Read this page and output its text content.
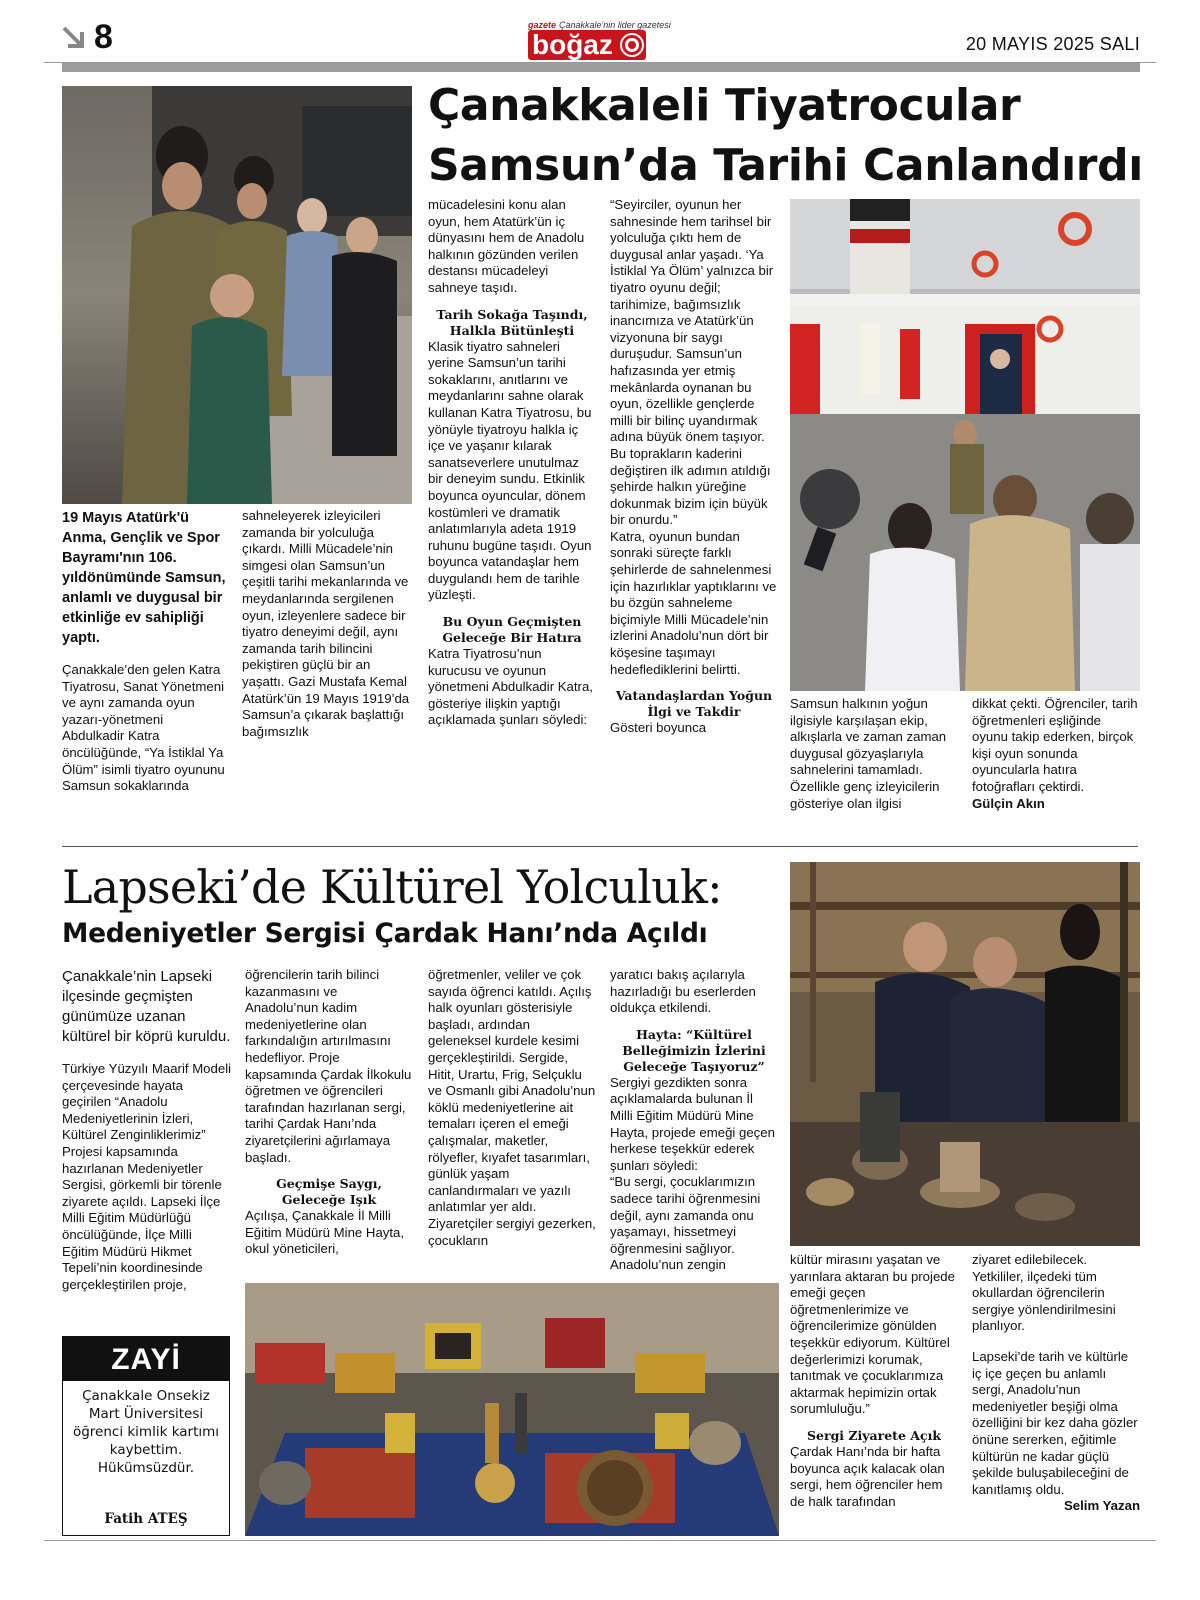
8	gazete Çanakkale'nin lider gazetesi
boğaz	20 MAYIS 2025 SALI
Çanakkaleli Tiyatrocular
Samsun’da Tarihi Canlandırdı

19 Mayıs Atatürk'ü Anma, Gençlik ve Spor Bayramı'nın 106. yıldönümünde Samsun, anlamlı ve duygusal bir etkinliğe ev sahipliği yaptı.

Çanakkale’den gelen Katra Tiyatrosu, Sanat Yönetmeni ve aynı zamanda oyun yazarı-yönetmeni Abdulkadir Katra öncülüğünde, “Ya İstiklal Ya Ölüm” isimli tiyatro oyununu Samsun sokaklarında

sahneleyerek izleyicileri zamanda bir yolculuğa çıkardı. Milli Mücadele’nin simgesi olan Samsun’un çeşitli tarihi mekanlarında ve meydanlarında sergilenen oyun, izleyenlere sadece bir tiyatro deneyimi değil, aynı zamanda tarih bilincini pekiştiren güçlü bir an yaşattı. Gazi Mustafa Kemal Atatürk’ün 19 Mayıs 1919’da Samsun’a çıkarak başlattığı bağımsızlık

mücadelesini konu alan oyun, hem Atatürk’ün iç dünyasını hem de Anadolu halkının gözünden verilen destansı mücadeleyi sahneye taşıdı.

Tarih Sokağa Taşındı, Halkla Bütünleşti

Klasik tiyatro sahneleri yerine Samsun’un tarihi sokaklarını, anıtlarını ve meydanlarını sahne olarak kullanan Katra Tiyatrosu, bu yönüyle tiyatroyu halkla iç içe ve yaşanır kılarak sanatseverlere unutulmaz bir deneyim sundu. Etkinlik boyunca oyuncular, dönem kostümleri ve dramatik anlatımlarıyla adeta 1919 ruhunu bugüne taşıdı. Oyun boyunca vatandaşlar hem duygulandı hem de tarihle yüzleşti.

Bu Oyun Geçmişten Geleceğe Bir Hatıra

Katra Tiyatrosu’nun kurucusu ve oyunun yönetmeni Abdulkadir Katra, gösteriye ilişkin yaptığı açıklamada şunları söyledi:

“Seyirciler, oyunun her sahnesinde hem tarihsel bir yolculuğa çıktı hem de duygusal anlar yaşadı. ‘Ya İstiklal Ya Ölüm’ yalnızca bir tiyatro oyunu değil; tarihimize, bağımsızlık inancımıza ve Atatürk’ün vizyonuna bir saygı duruşudur. Samsun’un hafızasında yer etmiş mekânlarda oynanan bu oyun, özellikle gençlerde milli bir bilinç uyandırmak adına büyük önem taşıyor. Bu toprakların kaderini değiştiren ilk adımın atıldığı şehirde halkın yüreğine dokunmak bizim için büyük bir onurdu.”

Katra, oyunun bundan sonraki süreçte farklı şehirlerde de sahnelenmesi için hazırlıklar yaptıklarını ve bu özgün sahneleme biçimiyle Milli Mücadele’nin izlerini Anadolu’nun dört bir köşesine taşımayı hedeflediklerini belirtti.

Vatandaşlardan Yoğun İlgi ve Takdir

Gösteri boyunca

Samsun halkının yoğun ilgisiyle karşılaşan ekip, alkışlarla ve zaman zaman duygusal gözyaşlarıyla sahnelerini tamamladı. Özellikle genç izleyicilerin gösteriye olan ilgisi

dikkat çekti. Öğrenciler, tarih öğretmenleri eşliğinde oyunu takip ederken, birçok kişi oyun sonunda oyuncularla hatıra fotoğrafları çektirdi.

Gülçin Akın

Lapseki’de Kültürel Yolculuk:
Medeniyetler Sergisi Çardak Hanı’nda Açıldı

Çanakkale’nin Lapseki ilçesinde geçmişten günümüze uzanan kültürel bir köprü kuruldu.

Türkiye Yüzyılı Maarif Modeli çerçevesinde hayata geçirilen “Anadolu Medeniyetlerinin İzleri, Kültürel Zenginliklerimiz” Projesi kapsamında hazırlanan Medeniyetler Sergisi, görkemli bir törenle ziyarete açıldı. Lapseki İlçe Milli Eğitim Müdürlüğü öncülüğünde, İlçe Milli Eğitim Müdürü Hikmet Tepeli’nin koordinesinde gerçekleştirilen proje,

ZAYİ
Çanakkale Onsekiz Mart Üniversitesi öğrenci kimlik kartımı kaybettim. Hükümsüzdür.
Fatih ATEŞ

öğrencilerin tarih bilinci kazanmasını ve Anadolu’nun kadim medeniyetlerine olan farkındalığın artırılmasını hedefliyor. Proje kapsamında Çardak İlkokulu öğretmen ve öğrencileri tarafından hazırlanan sergi, tarihi Çardak Hanı’nda ziyaretçilerini ağırlamaya başladı.

Geçmişe Saygı, Geleceğe Işık

Açılışa, Çanakkale İl Milli Eğitim Müdürü Mine Hayta, okul yöneticileri,

öğretmenler, veliler ve çok sayıda öğrenci katıldı. Açılış halk oyunları gösterisiyle başladı, ardından geleneksel kurdele kesimi gerçekleştirildi. Sergide, Hitit, Urartu, Frig, Selçuklu ve Osmanlı gibi Anadolu’nun köklü medeniyetlerine ait temaları içeren el emeği çalışmalar, maketler, rölyefler, kıyafet tasarımları, günlük yaşam canlandırmaları ve yazılı anlatımlar yer aldı. Ziyaretçiler sergiyi gezerken, çocukların

yaratıcı bakış açılarıyla hazırladığı bu eserlerden oldukça etkilendi.

Hayta: “Kültürel Belleğimizin İzlerini Geleceğe Taşıyoruz”

Sergiyi gezdikten sonra açıklamalarda bulunan İl Milli Eğitim Müdürü Mine Hayta, projede emeği geçen herkese teşekkür ederek şunları söyledi:

“Bu sergi, çocuklarımızın sadece tarihi öğrenmesini değil, aynı zamanda onu yaşamayı, hissetmeyi öğrenmesini sağlıyor. Anadolu’nun zengin	kültür mirasını yaşatan ve yarınlara aktaran bu projede emeği geçen öğretmenlerimize ve öğrencilerimize gönülden teşekkür ediyorum. Kültürel değerlerimizi korumak, tanıtmak ve çocuklarımıza aktarmak hepimizin ortak sorumluluğu.”

Sergi Ziyarete Açık

Çardak Hanı’nda bir hafta boyunca açık kalacak olan sergi, hem öğrenciler hem de halk tarafından

ziyaret edilebilecek. Yetkililer, ilçedeki tüm okullardan öğrencilerin sergiye yönlendirilmesini planlıyor.

Lapseki’de tarih ve kültürle iç içe geçen bu anlamlı sergi, Anadolu’nun medeniyetler beşiği olma özelliğini bir kez daha gözler önüne sererken, eğitimle kültürün ne kadar güçlü şekilde buluşabileceğini de kanıtlamış oldu.

Selim Yazan
